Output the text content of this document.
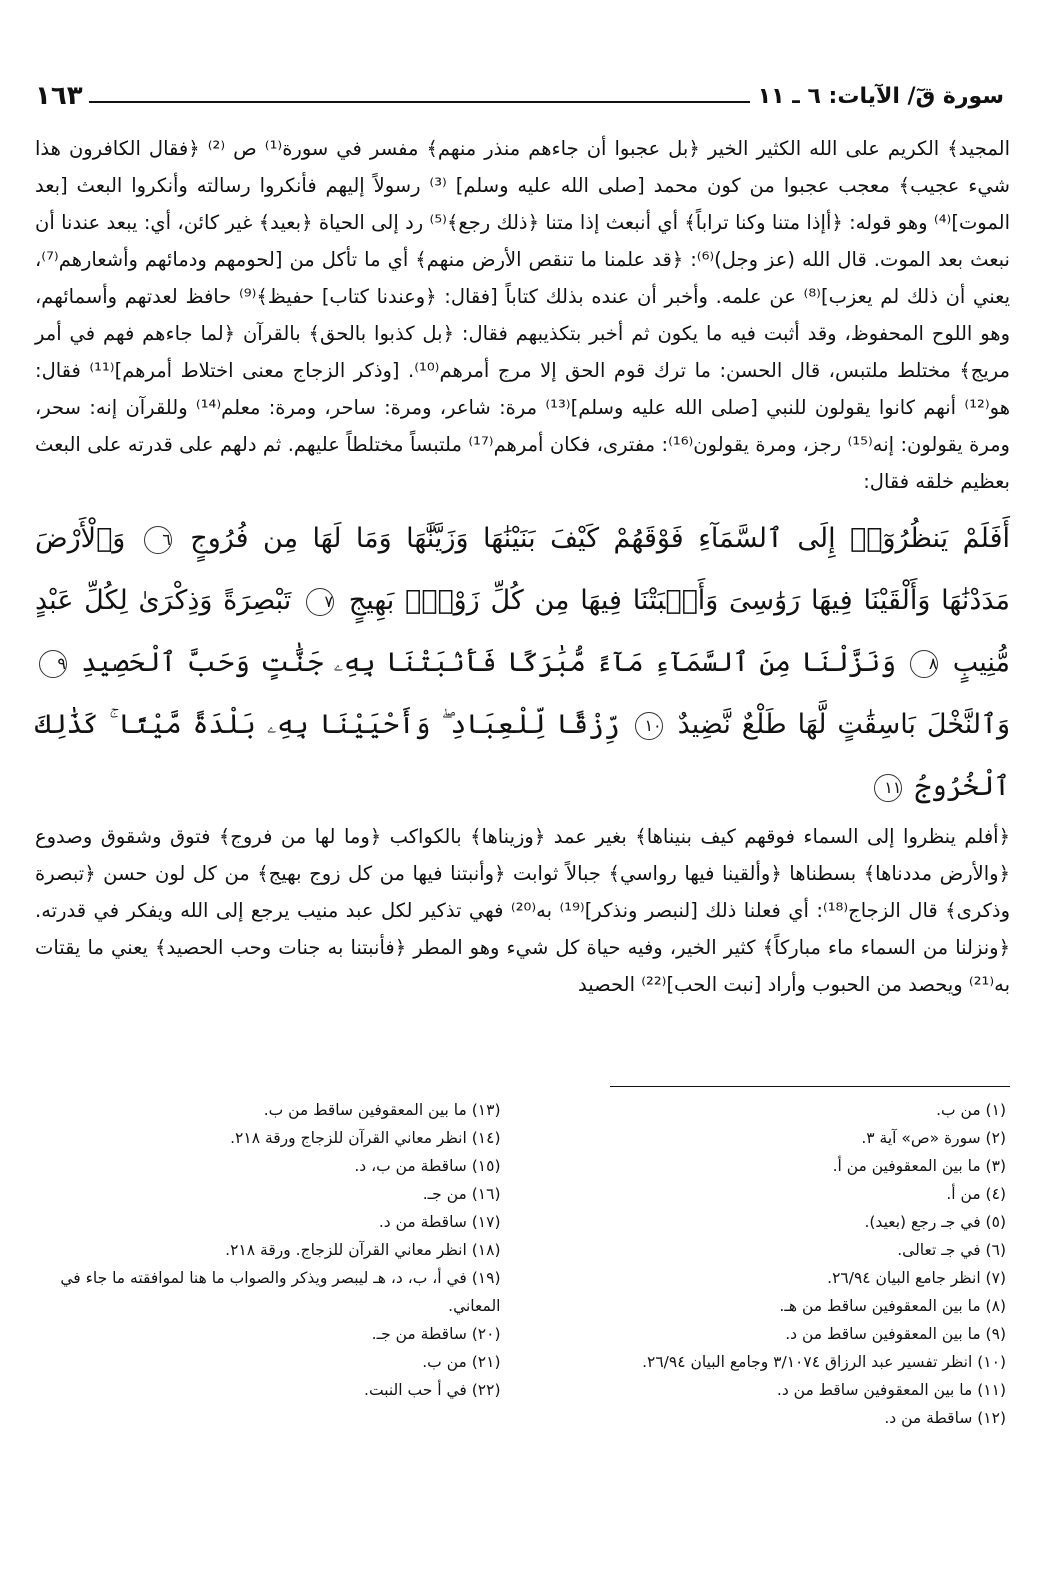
سورة قٓ/ الآيات: ٦ ـ ١١
١٦٣

المجيد﴾ الكريم على الله الكثير الخير ﴿بل عجبوا أن جاءهم منذر منهم﴾ مفسر في سورة⁽¹⁾ ص ⁽²⁾ ﴿فقال الكافرون هذا شيء عجيب﴾ معجب عجبوا من كون محمد [صلى الله عليه وسلم] ⁽³⁾ رسولاً إليهم فأنكروا رسالته وأنكروا البعث [بعد الموت]⁽⁴⁾ وهو قوله: ﴿أإذا متنا وكنا تراباً﴾ أي أنبعث إذا متنا ﴿ذلك رجع﴾⁽⁵⁾ رد إلى الحياة ﴿بعيد﴾ غير كائن، أي: يبعد عندنا أن نبعث بعد الموت. قال الله (عز وجل)⁽⁶⁾: ﴿قد علمنا ما تنقص الأرض منهم﴾ أي ما تأكل من [لحومهم ودمائهم وأشعارهم⁽⁷⁾، يعني أن ذلك لم يعزب]⁽⁸⁾ عن علمه. وأخبر أن عنده بذلك كتاباً [فقال: ﴿وعندنا كتاب] حفيظ﴾⁽⁹⁾ حافظ لعدتهم وأسمائهم، وهو اللوح المحفوظ، وقد أثبت فيه ما يكون ثم أخبر بتكذيبهم فقال: ﴿بل كذبوا بالحق﴾ بالقرآن ﴿لما جاءهم فهم في أمر مريج﴾ مختلط ملتبس، قال الحسن: ما ترك قوم الحق إلا مرج أمرهم⁽¹⁰⁾. [وذكر الزجاج معنى اختلاط أمرهم]⁽¹¹⁾ فقال: هو⁽¹²⁾ أنهم كانوا يقولون للنبي [صلى الله عليه وسلم]⁽¹³⁾ مرة: شاعر، ومرة: ساحر، ومرة: معلم⁽¹⁴⁾ وللقرآن إنه: سحر، ومرة يقولون: إنه⁽¹⁵⁾ رجز، ومرة يقولون⁽¹⁶⁾: مفترى، فكان أمرهم⁽¹⁷⁾ ملتبساً مختلطاً عليهم. ثم دلهم على قدرته على البعث بعظيم خلقه فقال:

أَفَلَمْ يَنظُرُوٓا۟ إِلَى ٱلسَّمَآءِ فَوْقَهُمْ كَيْفَ بَنَيْنَٰهَا وَزَيَّنَّٰهَا وَمَا لَهَا مِن فُرُوجٍ ٦ وَٱلْأَرْضَ مَدَدْنَٰهَا وَأَلْقَيْنَا فِيهَا رَوَٰسِىَ وَأَنۢبَتْنَا فِيهَا مِن كُلِّ زَوْجٍۭ بَهِيجٍ ٧ تَبْصِرَةً وَذِكْرَىٰ لِكُلِّ عَبْدٍ مُّنِيبٍ ٨ وَنَزَّلْنَا مِنَ ٱلسَّمَآءِ مَآءً مُّبَٰرَكًا فَأَنۢبَتْنَا بِهِۦ جَنَّٰتٍ وَحَبَّ ٱلْحَصِيدِ ٩ وَٱلنَّخْلَ بَاسِقَٰتٍ لَّهَا طَلْعٌ نَّضِيدٌ ١٠ رِّزْقًا لِّلْعِبَادِ ۖ وَأَحْيَيْنَا بِهِۦ بَلْدَةً مَّيْتًا ۚ كَذَٰلِكَ ٱلْخُرُوجُ ١١

﴿أفلم ينظروا إلى السماء فوقهم كيف بنيناها﴾ بغير عمد ﴿وزيناها﴾ بالكواكب ﴿وما لها من فروج﴾ فتوق وشقوق وصدوع ﴿والأرض مددناها﴾ بسطناها ﴿وألقينا فيها رواسي﴾ جبالاً ثوابت ﴿وأنبتنا فيها من كل زوج بهيج﴾ من كل لون حسن ﴿تبصرة وذكرى﴾ قال الزجاج⁽¹⁸⁾: أي فعلنا ذلك [لنبصر ونذكر]⁽¹⁹⁾ به⁽²⁰⁾ فهي تذكير لكل عبد منيب يرجع إلى الله ويفكر في قدرته. ﴿ونزلنا من السماء ماء مباركاً﴾ كثير الخير، وفيه حياة كل شيء وهو المطر ﴿فأنبتنا به جنات وحب الحصيد﴾ يعني ما يقتات به⁽²¹⁾ ويحصد من الحبوب وأراد [نبت الحب]⁽²²⁾ الحصيد

(١) من ب.
(٢) سورة «ص» آية ٣.
(٣) ما بين المعقوفين من أ.
(٤) من أ.
(٥) في جـ رجع (بعيد).
(٦) في جـ تعالى.
(٧) انظر جامع البيان ٢٦/٩٤.
(٨) ما بين المعقوفين ساقط من هـ.
(٩) ما بين المعقوفين ساقط من د.
(١٠) انظر تفسير عبد الرزاق ٣/١٠٧٤ وجامع البيان ٢٦/٩٤.
(١١) ما بين المعقوفين ساقط من د.
(١٢) ساقطة من د.
(١٣) ما بين المعقوفين ساقط من ب.
(١٤) انظر معاني القرآن للزجاج ورقة ٢١٨.
(١٥) ساقطة من ب، د.
(١٦) من جـ.
(١٧) ساقطة من د.
(١٨) انظر معاني القرآن للزجاج. ورقة ٢١٨.
(١٩) في أ، ب، د، هـ ليبصر ويذكر والصواب ما هنا لموافقته ما جاء في المعاني.
(٢٠) ساقطة من جـ.
(٢١) من ب.
(٢٢) في أ حب النبت.
